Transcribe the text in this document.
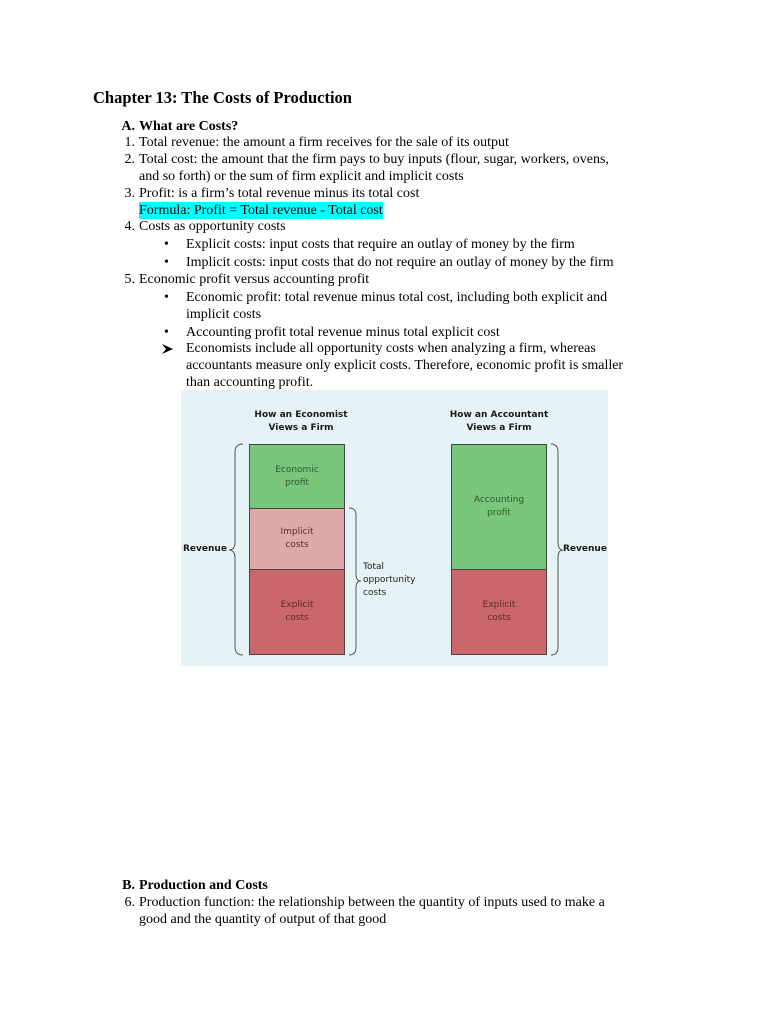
Chapter 13: The Costs of Production
A. What are Costs?
1. Total revenue: the amount a firm receives for the sale of its output
2. Total cost: the amount that the firm pays to buy inputs (flour, sugar, workers, ovens,
and so forth) or the sum of firm explicit and implicit costs
3. Profit: is a firm’s total revenue minus its total cost
Formula: Profit = Total revenue - Total cost
4. Costs as opportunity costs
• Explicit costs: input costs that require an outlay of money by the firm
• Implicit costs: input costs that do not require an outlay of money by the firm
5. Economic profit versus accounting profit
• Economic profit: total revenue minus total cost, including both explicit and
implicit costs
• Accounting profit total revenue minus total explicit cost
Economists include all opportunity costs when analyzing a firm, whereas
accountants measure only explicit costs. Therefore, economic profit is smaller
than accounting profit.
How an Economist
Views a Firm
How an Accountant
Views a Firm
Economic
profit
Implicit
costs
Explicit
costs
Accounting
profit
Explicit
costs
Revenue	Revenue
Total
opportunity
costs
B. Production and Costs
6. Production function: the relationship between the quantity of inputs used to make a
good and the quantity of output of that good
